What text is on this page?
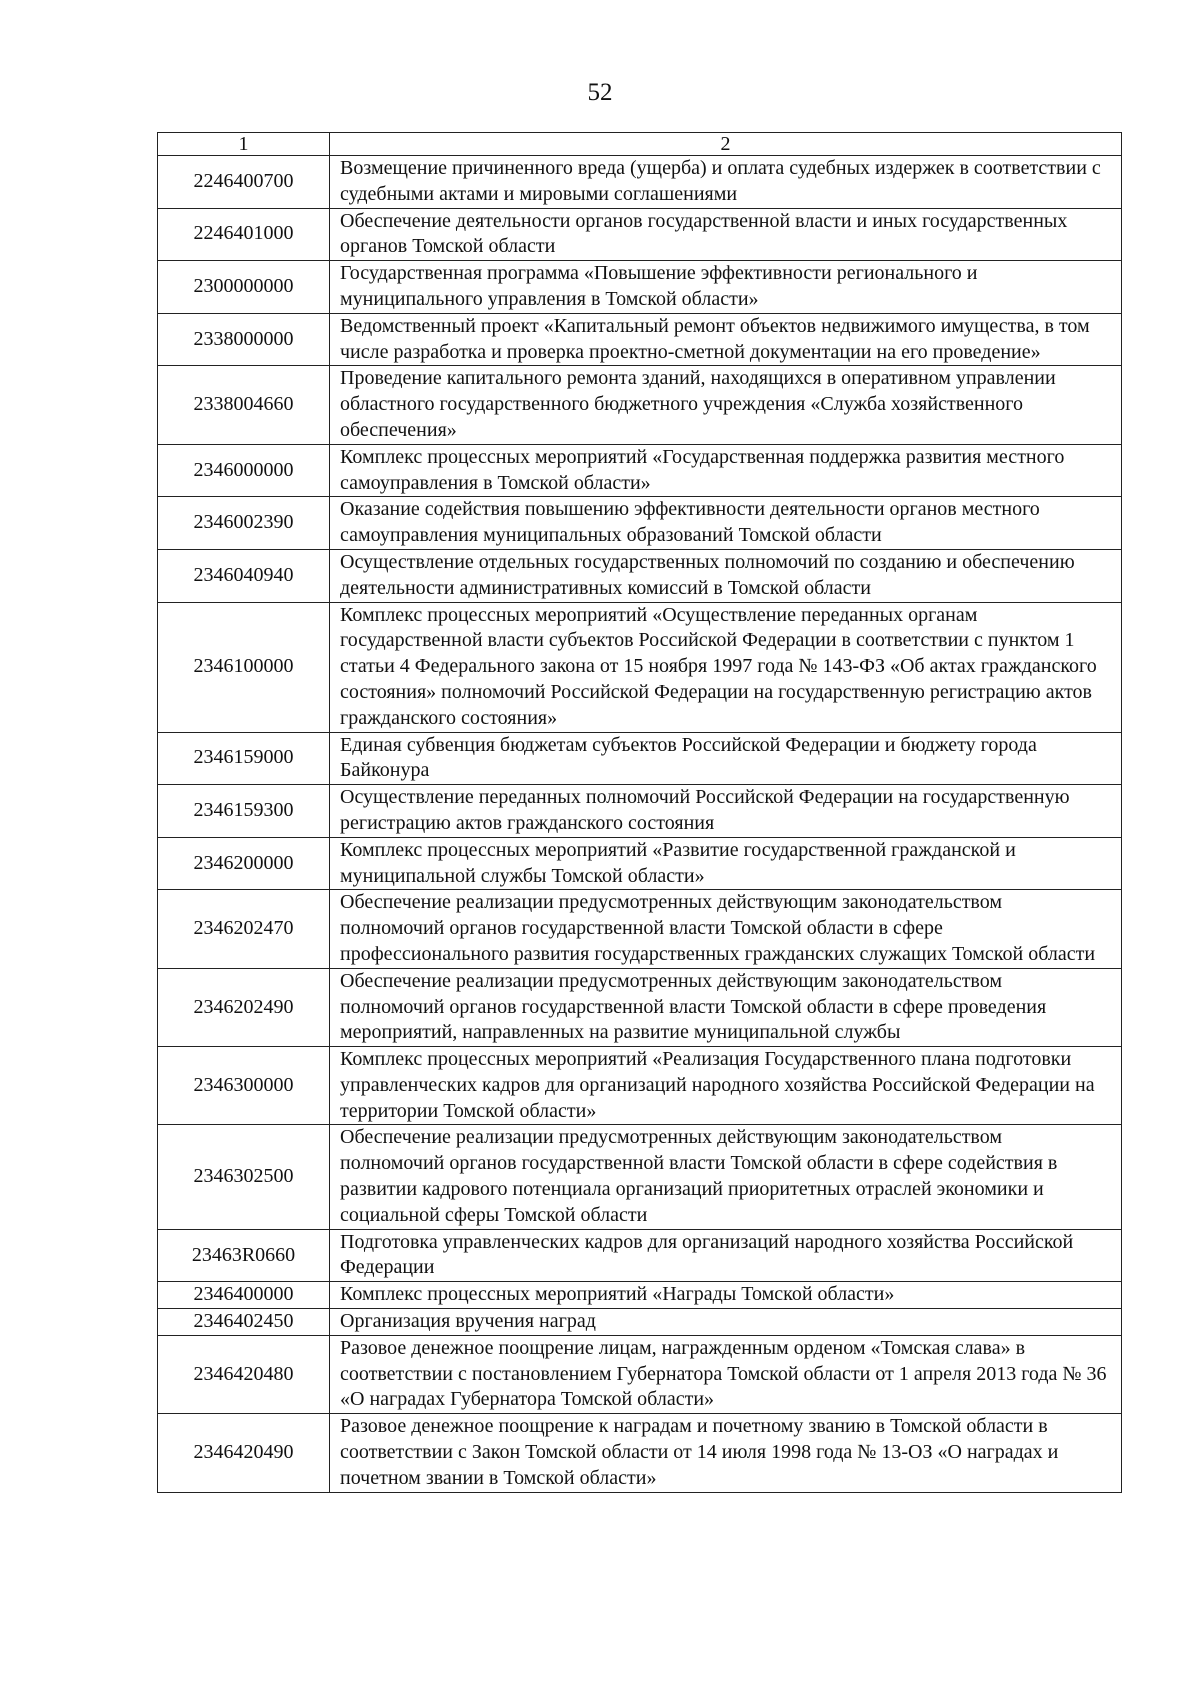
52
1	2
2246400700	Возмещение причиненного вреда (ущерба) и оплата судебных издержек в соответствии с судебными актами и мировыми соглашениями
2246401000	Обеспечение деятельности органов государственной власти и иных государственных органов Томской области
2300000000	Государственная программа «Повышение эффективности регионального и муниципального управления в Томской области»
2338000000	Ведомственный проект «Капитальный ремонт объектов недвижимого имущества, в том числе разработка и проверка проектно-сметной документации на его проведение»
2338004660	Проведение капитального ремонта зданий, находящихся в оперативном управлении областного государственного бюджетного учреждения «Служба хозяйственного обеспечения»
2346000000	Комплекс процессных мероприятий «Государственная поддержка развития местного самоуправления в Томской области»
2346002390	Оказание содействия повышению эффективности деятельности органов местного самоуправления муниципальных образований Томской области
2346040940	Осуществление отдельных государственных полномочий по созданию и обеспечению деятельности административных комиссий в Томской области
2346100000	Комплекс процессных мероприятий «Осуществление переданных органам государственной власти субъектов Российской Федерации в соответствии с пунктом 1 статьи 4 Федерального закона от 15 ноября 1997 года № 143-ФЗ «Об актах гражданского состояния» полномочий Российской Федерации на государственную регистрацию актов гражданского состояния»
2346159000	Единая субвенция бюджетам субъектов Российской Федерации и бюджету города Байконура
2346159300	Осуществление переданных полномочий Российской Федерации на государственную регистрацию актов гражданского состояния
2346200000	Комплекс процессных мероприятий «Развитие государственной гражданской и муниципальной службы Томской области»
2346202470	Обеспечение реализации предусмотренных действующим законодательством полномочий органов государственной власти Томской области в сфере профессионального развития государственных гражданских служащих Томской области
2346202490	Обеспечение реализации предусмотренных действующим законодательством полномочий органов государственной власти Томской области в сфере проведения мероприятий, направленных на развитие муниципальной службы
2346300000	Комплекс процессных мероприятий «Реализация Государственного плана подготовки управленческих кадров для организаций народного хозяйства Российской Федерации на территории Томской области»
2346302500	Обеспечение реализации предусмотренных действующим законодательством полномочий органов государственной власти Томской области в сфере содействия в развитии кадрового потенциала организаций приоритетных отраслей экономики и социальной сферы Томской области
23463R0660	Подготовка управленческих кадров для организаций народного хозяйства Российской Федерации
2346400000	Комплекс процессных мероприятий «Награды Томской области»
2346402450	Организация вручения наград
2346420480	Разовое денежное поощрение лицам, награжденным орденом «Томская слава» в соответствии с постановлением Губернатора Томской области от 1 апреля 2013 года № 36 «О наградах Губернатора Томской области»
2346420490	Разовое денежное поощрение к наградам и почетному званию в Томской области в соответствии с Закон Томской области от 14 июля 1998 года № 13-ОЗ «О наградах и почетном звании в Томской области»
